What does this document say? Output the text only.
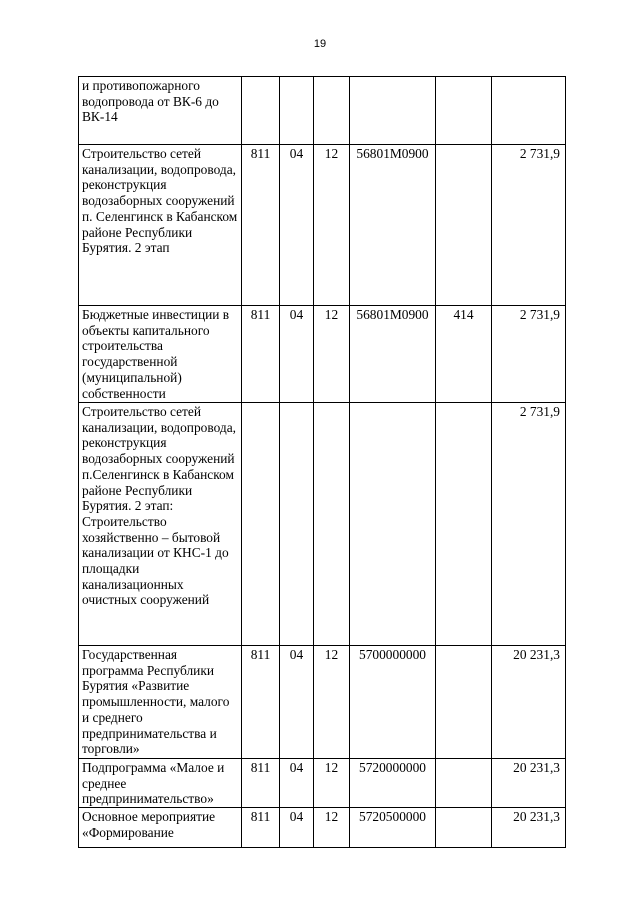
19
и противопожарного водопровода от ВК-6 до ВК-14						
Строительство сетей канализации, водопровода, реконструкция водозаборных сооружений п. Селенгинск в Кабанском районе Республики Бурятия. 2 этап	811	04	12	56801M0900		2 731,9
Бюджетные инвестиции в объекты капитального строительства государственной (муниципальной) собственности	811	04	12	56801M0900	414	2 731,9
Строительство сетей канализации, водопровода, реконструкция водозаборных сооружений п.Селенгинск в Кабанском районе Республики Бурятия. 2 этап: Строительство хозяйственно – бытовой канализации от КНС-1 до площадки канализационных очистных сооружений						2 731,9
Государственная программа Республики Бурятия «Развитие промышленности, малого и среднего предпринимательства и торговли»	811	04	12	5700000000		20 231,3
Подпрограмма «Малое и среднее предпринимательство»	811	04	12	5720000000		20 231,3
Основное мероприятие «Формирование	811	04	12	5720500000		20 231,3
